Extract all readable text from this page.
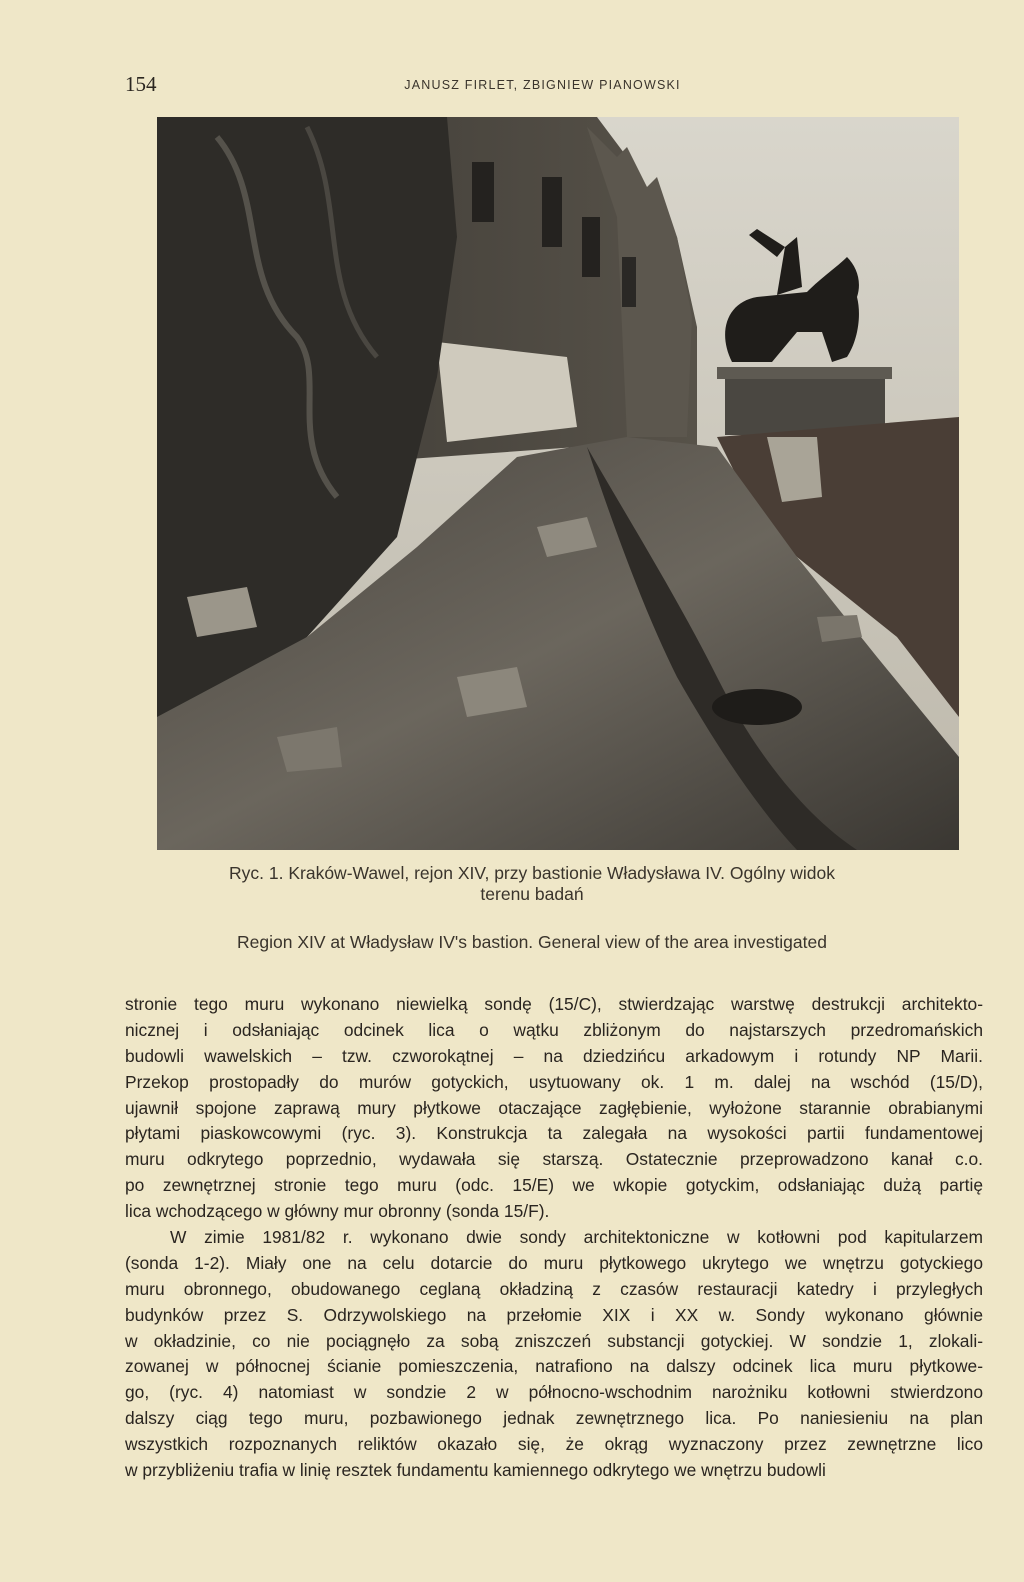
154	JANUSZ FIRLET, ZBIGNIEW PIANOWSKI
Ryc. 1. Kraków-Wawel, rejon XIV, przy bastionie Władysława IV. Ogólny widok
terenu badań
Region XIV at Władysław IV's bastion. General view of the area investigated
stronie tego muru wykonano niewielką sondę (15/C), stwierdzając warstwę destrukcji architekto-
nicznej i odsłaniając odcinek lica o wątku zbliżonym do najstarszych przedromańskich
budowli wawelskich – tzw. czworokątnej – na dziedzińcu arkadowym i rotundy NP Marii.
Przekop prostopadły do murów gotyckich, usytuowany ok. 1 m. dalej na wschód (15/D),
ujawnił spojone zaprawą mury płytkowe otaczające zagłębienie, wyłożone starannie obrabianymi
płytami piaskowcowymi (ryc. 3). Konstrukcja ta zalegała na wysokości partii fundamentowej
muru odkrytego poprzednio, wydawała się starszą. Ostatecznie przeprowadzono kanał c.o.
po zewnętrznej stronie tego muru (odc. 15/E) we wkopie gotyckim, odsłaniając dużą partię
lica wchodzącego w główny mur obronny (sonda 15/F).
W zimie 1981/82 r. wykonano dwie sondy architektoniczne w kotłowni pod kapitularzem
(sonda 1-2). Miały one na celu dotarcie do muru płytkowego ukrytego we wnętrzu gotyckiego
muru obronnego, obudowanego ceglaną okładziną z czasów restauracji katedry i przyległych
budynków przez S. Odrzywolskiego na przełomie XIX i XX w. Sondy wykonano głównie
w okładzinie, co nie pociągnęło za sobą zniszczeń substancji gotyckiej. W sondzie 1, zlokali-
zowanej w północnej ścianie pomieszczenia, natrafiono na dalszy odcinek lica muru płytkowe-
go, (ryc. 4) natomiast w sondzie 2 w północno-wschodnim narożniku kotłowni stwierdzono
dalszy ciąg tego muru, pozbawionego jednak zewnętrznego lica. Po naniesieniu na plan
wszystkich rozpoznanych reliktów okazało się, że okrąg wyznaczony przez zewnętrzne lico
w przybliżeniu trafia w linię resztek fundamentu kamiennego odkrytego we wnętrzu budowli
